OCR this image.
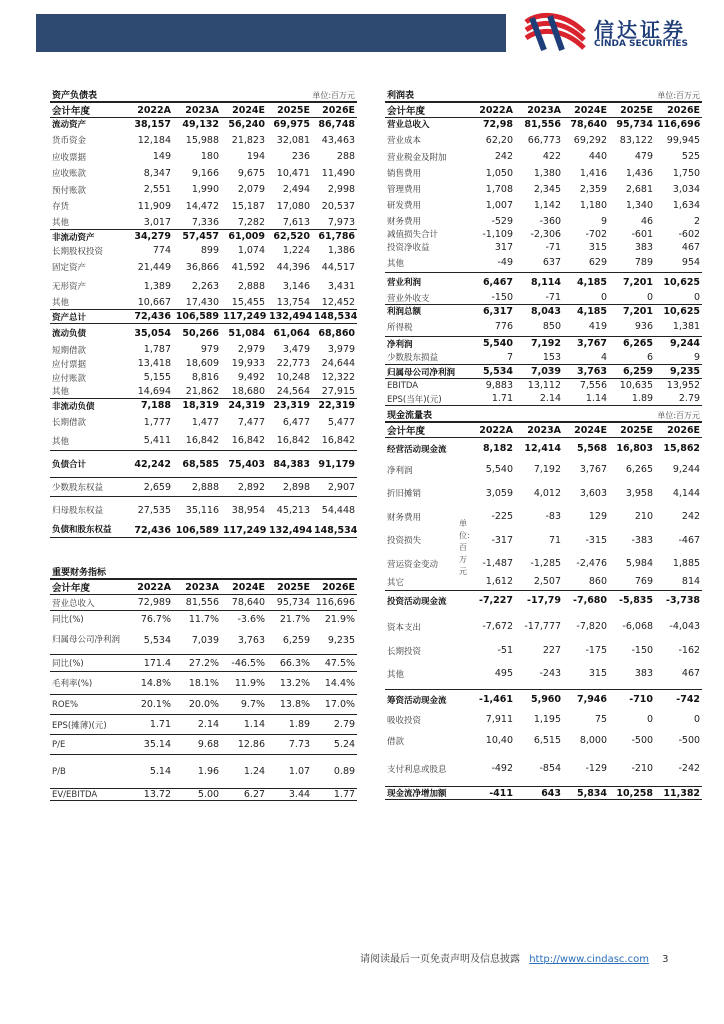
信达证券
CINDA SECURITIES
资产负债表			单位:百万元		
会计年度	2022A	2023A	2024E	2025E	2026E
流动资产	38,157	49,132	56,240	69,975	86,748
货币资金	12,184	15,988	21,823	32,081	43,463
应收票据	149	180	194	236	288
应收账款	8,347	9,166	9,675	10,471	11,490
预付账款	2,551	1,990	2,079	2,494	2,998
存货	11,909	14,472	15,187	17,080	20,537
其他	3,017	7,336	7,282	7,613	7,973
非流动资产	34,279	57,457	61,009	62,520	61,786
长期股权投资	774	899	1,074	1,224	1,386
固定资产	21,449	36,866	41,592	44,396	44,517
无形资产	1,389	2,263	2,888	3,146	3,431
其他	10,667	17,430	15,455	13,754	12,452
资产总计	72,436	106,589	117,249	132,494	148,534
流动负债	35,054	50,266	51,084	61,064	68,860
短期借款	1,787	979	2,979	3,479	3,979
应付票据	13,418	18,609	19,933	22,773	24,644
应付账款	5,155	8,816	9,492	10,248	12,322
其他	14,694	21,862	18,680	24,564	27,915
非流动负债	7,188	18,319	24,319	23,319	22,319
长期借款	1,777	1,477	7,477	6,477	5,477
其他	5,411	16,842	16,842	16,842	16,842
负债合计	42,242	68,585	75,403	84,383	91,179
少数股东权益	2,659	2,888	2,892	2,898	2,907
归母股东权益	27,535	35,116	38,954	45,213	54,448
负债和股东权益	72,436	106,589	117,249	132,494	148,534
重要财务指标			单位:百万元		
会计年度	2022A	2023A	2024E	2025E	2026E
营业总收入	72,989	81,556	78,640	95,734	116,696
同比(%)	76.7%	11.7%	-3.6%	21.7%	21.9%
归属母公司净利润	5,534	7,039	3,763	6,259	9,235
同比(%)	171.4	27.2%	-46.5%	66.3%	47.5%
毛利率(%)	14.8%	18.1%	11.9%	13.2%	14.4%
ROE%	20.1%	20.0%	9.7%	13.8%	17.0%
EPS(摊薄)(元)	1.71	2.14	1.14	1.89	2.79
P/E	35.14	9.68	12.86	7.73	5.24
P/B	5.14	1.96	1.24	1.07	0.89
EV/EBITDA	13.72	5.00	6.27	3.44	1.77
利润表			单位:百万元		
会计年度	2022A	2023A	2024E	2025E	2026E
营业总收入	72,98	81,556	78,640	95,734	116,696
营业成本	62,20	66,773	69,292	83,122	99,945
营业税金及附加	242	422	440	479	525
销售费用	1,050	1,380	1,416	1,436	1,750
管理费用	1,708	2,345	2,359	2,681	3,034
研发费用	1,007	1,142	1,180	1,340	1,634
财务费用	-529	-360	9	46	2
减值损失合计	-1,109	-2,306	-702	-601	-602
投资净收益	317	-71	315	383	467
其他	-49	637	629	789	954
营业利润	6,467	8,114	4,185	7,201	10,625
营业外收支	-150	-71	0	0	0
利润总额	6,317	8,043	4,185	7,201	10,625
所得税	776	850	419	936	1,381
净利润	5,540	7,192	3,767	6,265	9,244
少数股东损益	7	153	4	6	9
归属母公司净利润	5,534	7,039	3,763	6,259	9,235
EBITDA	9,883	13,112	7,556	10,635	13,952
EPS(当年)(元)	1.71	2.14	1.14	1.89	2.79
现金流量表			单位:百万元		
会计年度	2022A	2023A	2024E	2025E	2026E
经营活动现金流	8,182	12,414	5,568	16,803	15,862
净利润	5,540	7,192	3,767	6,265	9,244
折旧摊销	3,059	4,012	3,603	3,958	4,144
财务费用	-225	-83	129	210	242
投资损失	-317	71	-315	-383	-467
营运资金变动	-1,487	-1,285	-2,476	5,984	1,885
其它	1,612	2,507	860	769	814
投资活动现金流	-7,227	-17,79	-7,680	-5,835	-3,738
资本支出	-7,672	-17,777	-7,820	-6,068	-4,043
长期投资	-51	227	-175	-150	-162
其他	495	-243	315	383	467
筹资活动现金流	-1,461	5,960	7,946	-710	-742
吸收投资	7,911	1,195	75	0	0
借款	10,40	6,515	8,000	-500	-500
支付利息或股息	-492	-854	-129	-210	-242
现金流净增加额	-411	643	5,834	10,258	11,382
请阅读最后一页免责声明及信息披露 http://www.cindasc.com 3
